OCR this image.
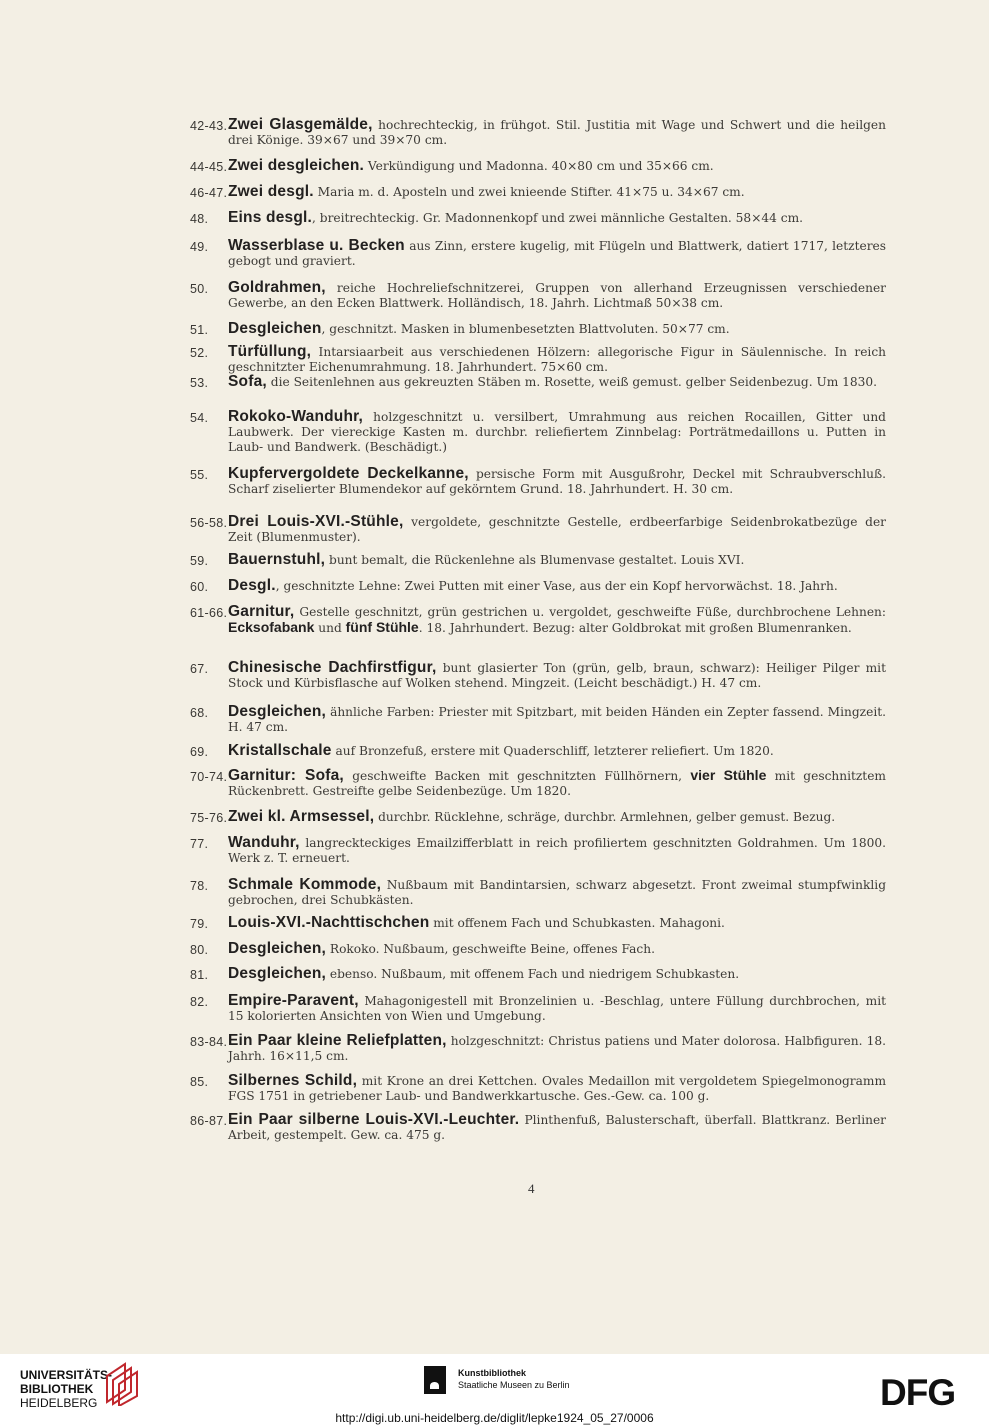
42-43. Zwei Glasgemälde, hochrechteckig, in frühgot. Stil. Justitia mit Wage und Schwert und die heilgen drei Könige. 39×67 und 39×70 cm.
44-45. Zwei desgleichen. Verkündigung und Madonna. 40×80 cm und 35×66 cm.
46-47. Zwei desgl. Maria m. d. Aposteln und zwei knieende Stifter. 41×75 u. 34×67 cm.
48. Eins desgl., breitrechteckig. Gr. Madonnenkopf und zwei männliche Gestalten. 58×44 cm.
49. Wasserblase u. Becken aus Zinn, erstere kugelig, mit Flügeln und Blattwerk, datiert 1717, letzteres gebogt und graviert.
50. Goldrahmen, reiche Hochreliefschnitzerei, Gruppen von allerhand Erzeugnissen verschiedener Gewerbe, an den Ecken Blattwerk. Holländisch, 18. Jahrh. Lichtmaß 50×38 cm.
51. Desgleichen, geschnitzt. Masken in blumenbesetzten Blattvoluten. 50×77 cm.
52. Türfüllung, Intarsiaarbeit aus verschiedenen Hölzern: allegorische Figur in Säulennische. In reich geschnitzter Eichenumrahmung. 18. Jahrhundert. 75×60 cm.
53. Sofa, die Seitenlehnen aus gekreuzten Stäben m. Rosette, weiß gemust. gelber Seidenbezug. Um 1830.
54. Rokoko-Wanduhr, holzgeschnitzt u. versilbert, Umrahmung aus reichen Rocaillen, Gitter und Laubwerk. Der viereckige Kasten m. durchbr. reliefiertem Zinnbelag: Porträtmedaillons u. Putten in Laub- und Bandwerk. (Beschädigt.)
55. Kupfervergoldete Deckelkanne, persische Form mit Ausgußrohr, Deckel mit Schraubverschluß. Scharf ziselierter Blumendekor auf gekörntem Grund. 18. Jahrhundert. H. 30 cm.
56-58. Drei Louis-XVI.-Stühle, vergoldete, geschnitzte Gestelle, erdbeerfarbige Seidenbrokatbezüge der Zeit (Blumenmuster).
59. Bauernstuhl, bunt bemalt, die Rückenlehne als Blumenvase gestaltet. Louis XVI.
60. Desgl., geschnitzte Lehne: Zwei Putten mit einer Vase, aus der ein Kopf hervorwächst. 18. Jahrh.
61-66. Garnitur, Gestelle geschnitzt, grün gestrichen u. vergoldet, geschweifte Füße, durchbrochene Lehnen: Ecksofabank und fünf Stühle. 18. Jahrhundert. Bezug: alter Goldbrokat mit großen Blumenranken.
67. Chinesische Dachfirstfigur, bunt glasierter Ton (grün, gelb, braun, schwarz): Heiliger Pilger mit Stock und Kürbisflasche auf Wolken stehend. Mingzeit. (Leicht beschädigt.) H. 47 cm.
68. Desgleichen, ähnliche Farben: Priester mit Spitzbart, mit beiden Händen ein Zepter fassend. Mingzeit. H. 47 cm.
69. Kristallschale auf Bronzefuß, erstere mit Quaderschliff, letzterer reliefiert. Um 1820.
70-74. Garnitur: Sofa, geschweifte Backen mit geschnitzten Füllhörnern, vier Stühle mit geschnitztem Rückenbrett. Gestreifte gelbe Seidenbezüge. Um 1820.
75-76. Zwei kl. Armsessel, durchbr. Rücklehne, schräge, durchbr. Armlehnen, gelber gemust. Bezug.
77. Wanduhr, langreckteckiges Emailzifferblatt in reich profiliertem geschnitzten Goldrahmen. Um 1800. Werk z. T. erneuert.
78. Schmale Kommode, Nußbaum mit Bandintarsien, schwarz abgesetzt. Front zweimal stumpfwinklig gebrochen, drei Schubkästen.
79. Louis-XVI.-Nachttischchen mit offenem Fach und Schubkasten. Mahagoni.
80. Desgleichen, Rokoko. Nußbaum, geschweifte Beine, offenes Fach.
81. Desgleichen, ebenso. Nußbaum, mit offenem Fach und niedrigem Schubkasten.
82. Empire-Paravent, Mahagonigestell mit Bronzelinien u. -Beschlag, untere Füllung durchbrochen, mit 15 kolorierten Ansichten von Wien und Umgebung.
83-84. Ein Paar kleine Reliefplatten, holzgeschnitzt: Christus patiens und Mater dolorosa. Halbfiguren. 18. Jahrh. 16×11,5 cm.
85. Silbernes Schild, mit Krone an drei Kettchen. Ovales Medaillon mit vergoldetem Spiegelmonogramm FGS 1751 in getriebener Laub- und Bandwerkkartusche. Ges.-Gew. ca. 100 g.
86-87. Ein Paar silberne Louis-XVI.-Leuchter. Plinthenfuß, Balusterschaft, überfall. Blattkranz. Berliner Arbeit, gestempelt. Gew. ca. 475 g.
4
UNIVERSITÄTS-
BIBLIOTHEK
HEIDELBERG
Kunstbibliothek
Staatliche Museen zu Berlin	DFG
http://digi.ub.uni-heidelberg.de/diglit/lepke1924_05_27/0006
